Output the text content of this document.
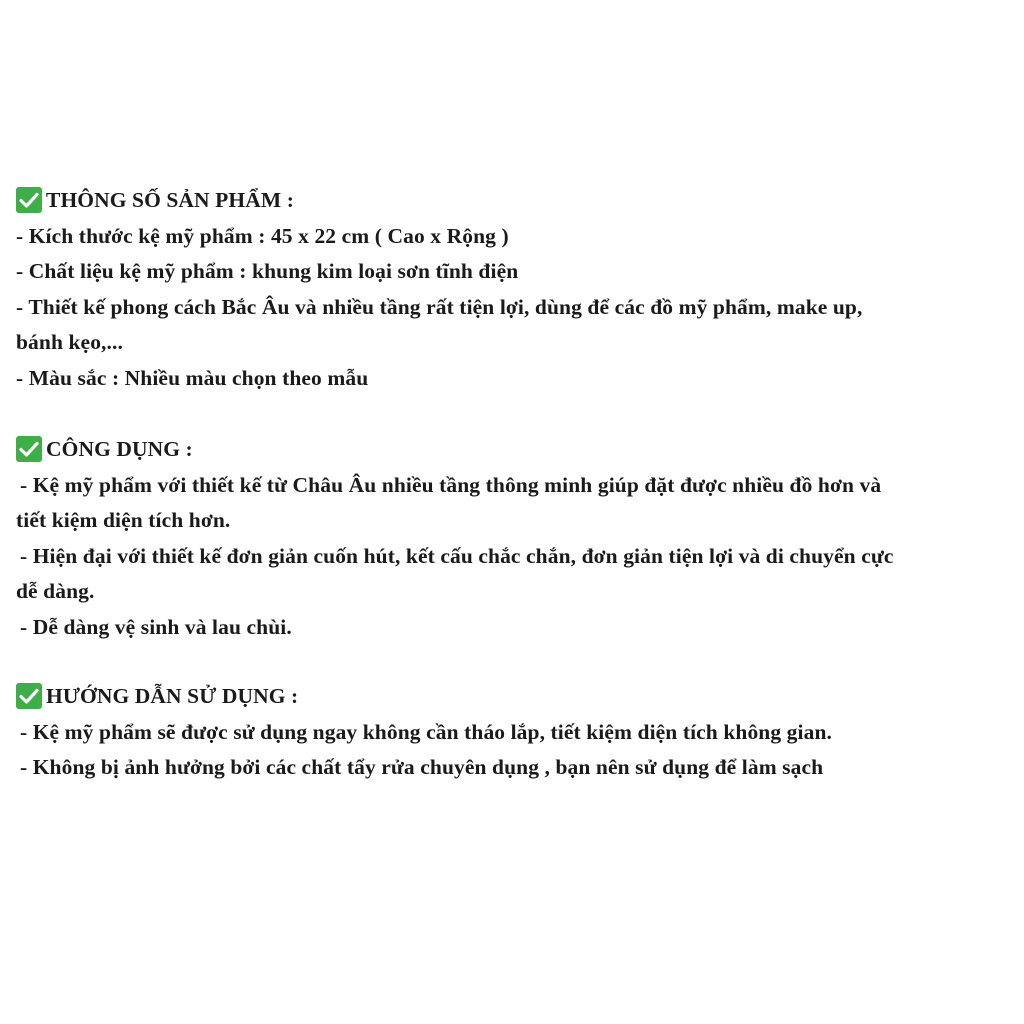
THÔNG SỐ SẢN PHẨM :
- Kích thước kệ mỹ phẩm : 45 x 22 cm ( Cao x Rộng )
- Chất liệu kệ mỹ phẩm : khung kim loại sơn tĩnh điện
- Thiết kế phong cách Bắc Âu và nhiều tầng rất tiện lợi, dùng để các đồ mỹ phẩm, make up,
bánh kẹo,...
- Màu sắc : Nhiều màu chọn theo mẫu
CÔNG DỤNG :
- Kệ mỹ phẩm với thiết kế từ Châu Âu nhiều tầng thông minh giúp đặt được nhiều đồ hơn và
tiết kiệm diện tích hơn.
- Hiện đại với thiết kế đơn giản cuốn hút, kết cấu chắc chắn, đơn giản tiện lợi và di chuyển cực
dễ dàng.
- Dễ dàng vệ sinh và lau chùi.
HƯỚNG DẪN SỬ DỤNG :
- Kệ mỹ phẩm sẽ được sử dụng ngay không cần tháo lắp, tiết kiệm diện tích không gian.
- Không bị ảnh hưởng bởi các chất tẩy rửa chuyên dụng , bạn nên sử dụng để làm sạch
